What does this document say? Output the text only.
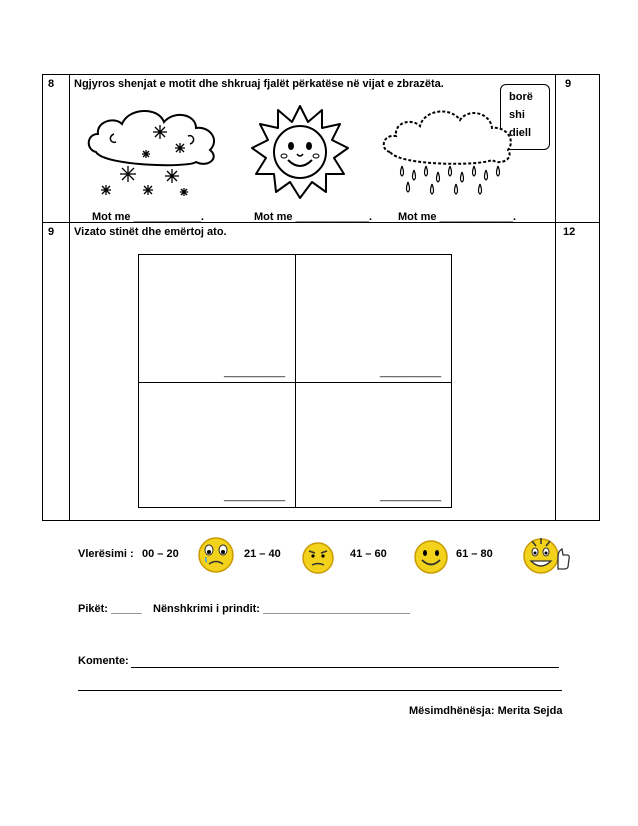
8 Ngjyros shenjat e motit dhe shkruaj fjalët përkatëse në vijat e zbrazëta.	9
borë
shi
diell
Mot me ___________.	Mot me ____________. Mot me ____________.
9 Vizato stinët dhe emërtoj ato.	12
__________	__________
__________	__________
Vlerësimi : 00 – 20	21 – 40	41 – 60	61 – 80
Pikët: _____ Nënshkrimi i prindit: ________________________
Komente:
Mësimdhënësja: Merita Sejda
